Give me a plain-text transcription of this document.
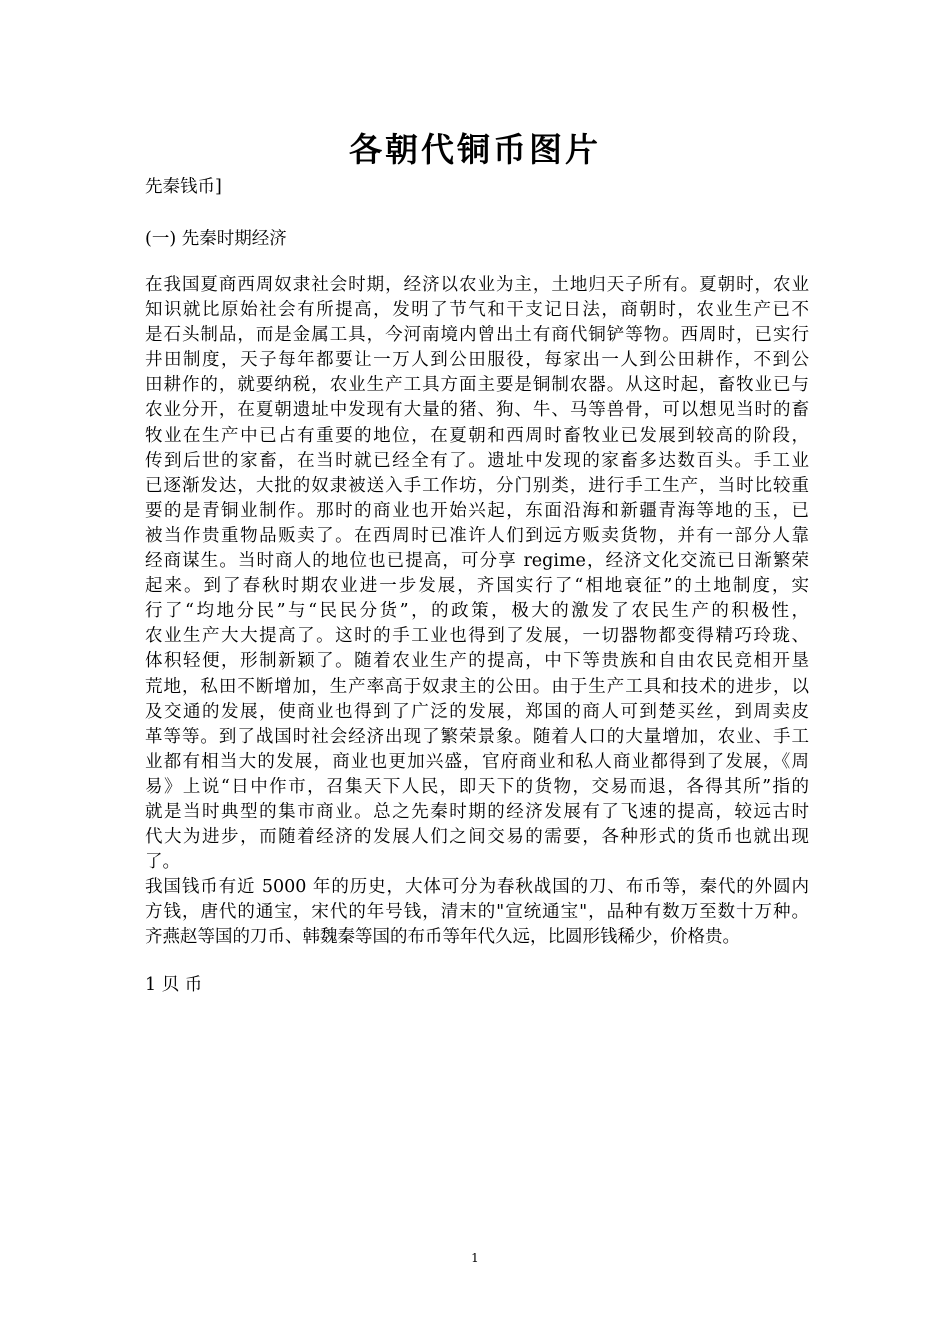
各朝代铜币图片

先秦钱币]

(一) 先秦时期经济

在我国夏商西周奴隶社会时期，经济以农业为主，土地归天子所有。夏朝时，农业
知识就比原始社会有所提高，发明了节气和干支记日法，商朝时，农业生产已不
是石头制品，而是金属工具，今河南境内曾出土有商代铜铲等物。西周时，已实行
井田制度，天子每年都要让一万人到公田服役，每家出一人到公田耕作，不到公
田耕作的，就要纳税，农业生产工具方面主要是铜制农器。从这时起，畜牧业已与
农业分开，在夏朝遗址中发现有大量的猪、狗、牛、马等兽骨，可以想见当时的畜
牧业在生产中已占有重要的地位，在夏朝和西周时畜牧业已发展到较高的阶段，
传到后世的家畜，在当时就已经全有了。遗址中发现的家畜多达数百头。手工业
已逐渐发达，大批的奴隶被送入手工作坊，分门别类，进行手工生产，当时比较重
要的是青铜业制作。那时的商业也开始兴起，东面沿海和新疆青海等地的玉，已
被当作贵重物品贩卖了。在西周时已准许人们到远方贩卖货物，并有一部分人靠
经商谋生。当时商人的地位也已提高，可分享 regime，经济文化交流已日渐繁荣
起来。到了春秋时期农业进一步发展，齐国实行了“相地衰征”的土地制度，实
行了“均地分民”与“民民分货”，的政策，极大的激发了农民生产的积极性，
农业生产大大提高了。这时的手工业也得到了发展，一切器物都变得精巧玲珑、
体积轻便，形制新颖了。随着农业生产的提高，中下等贵族和自由农民竞相开垦
荒地，私田不断增加，生产率高于奴隶主的公田。由于生产工具和技术的进步，以
及交通的发展，使商业也得到了广泛的发展，郑国的商人可到楚买丝，到周卖皮
革等等。到了战国时社会经济出现了繁荣景象。随着人口的大量增加，农业、手工
业都有相当大的发展，商业也更加兴盛，官府商业和私人商业都得到了发展，《周
易》上说“日中作市，召集天下人民，即天下的货物，交易而退，各得其所”指的
就是当时典型的集市商业。总之先秦时期的经济发展有了飞速的提高，较远古时
代大为进步，而随着经济的发展人们之间交易的需要，各种形式的货币也就出现
了。
我国钱币有近 5000 年的历史，大体可分为春秋战国的刀、布币等，秦代的外圆内
方钱，唐代的通宝，宋代的年号钱，清末的"宣统通宝"，品种有数万至数十万种。
齐燕赵等国的刀币、韩魏秦等国的布币等年代久远，比圆形钱稀少，价格贵。

1 贝 币

1
